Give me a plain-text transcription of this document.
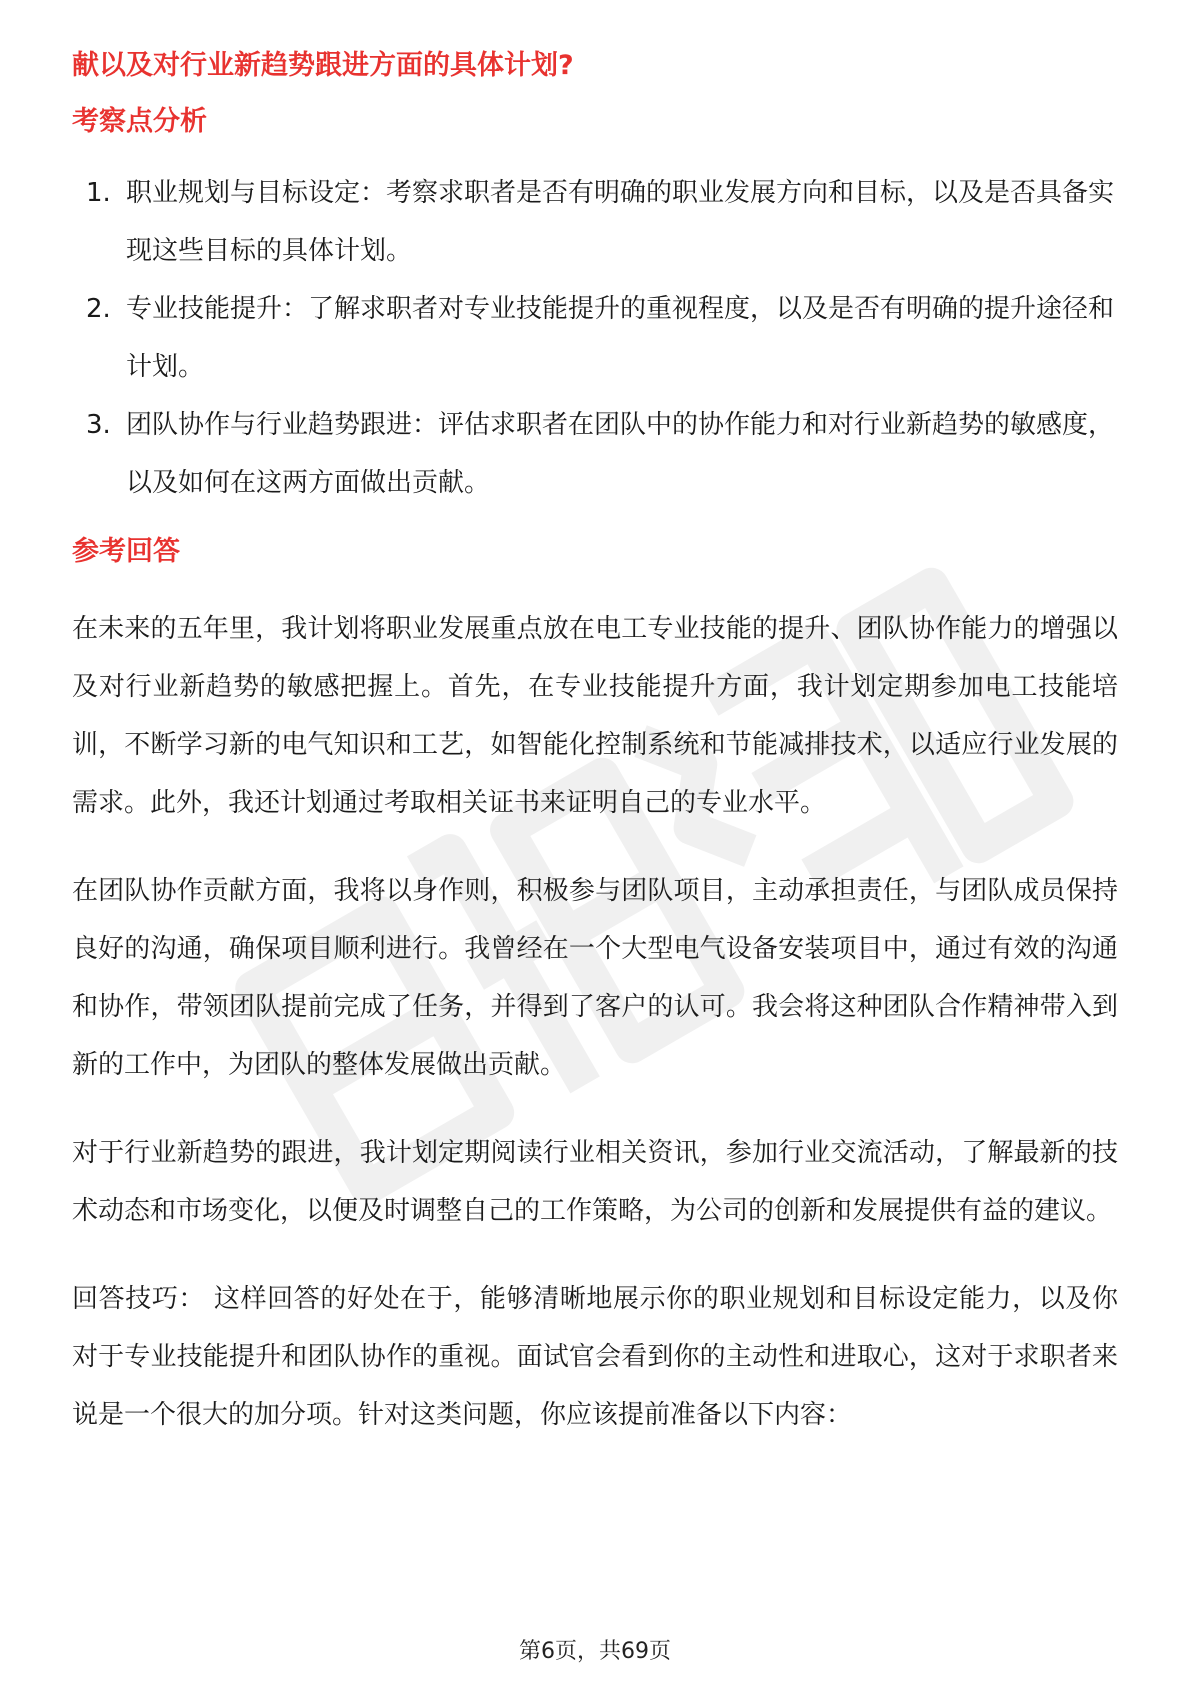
献以及对行业新趋势跟进方面的具体计划?

考察点分析

1. 职业规划与目标设定：考察求职者是否有明确的职业发展方向和目标，以及是否具备实现这些目标的具体计划。
2. 专业技能提升：了解求职者对专业技能提升的重视程度，以及是否有明确的提升途径和计划。
3. 团队协作与行业趋势跟进：评估求职者在团队中的协作能力和对行业新趋势的敏感度，以及如何在这两方面做出贡献。

参考回答

在未来的五年里，我计划将职业发展重点放在电工专业技能的提升、团队协作能力的增强以及对行业新趋势的敏感把握上。首先，在专业技能提升方面，我计划定期参加电工技能培训，不断学习新的电气知识和工艺，如智能化控制系统和节能减排技术，以适应行业发展的需求。此外，我还计划通过考取相关证书来证明自己的专业水平。

在团队协作贡献方面，我将以身作则，积极参与团队项目，主动承担责任，与团队成员保持良好的沟通，确保项目顺利进行。我曾经在一个大型电气设备安装项目中，通过有效的沟通和协作，带领团队提前完成了任务，并得到了客户的认可。我会将这种团队合作精神带入到新的工作中，为团队的整体发展做出贡献。

对于行业新趋势的跟进，我计划定期阅读行业相关资讯，参加行业交流活动，了解最新的技术动态和市场变化，以便及时调整自己的工作策略，为公司的创新和发展提供有益的建议。

回答技巧： 这样回答的好处在于，能够清晰地展示你的职业规划和目标设定能力，以及你对于专业技能提升和团队协作的重视。面试官会看到你的主动性和进取心，这对于求职者来说是一个很大的加分项。针对这类问题，你应该提前准备以下内容：

第6页，共69页
